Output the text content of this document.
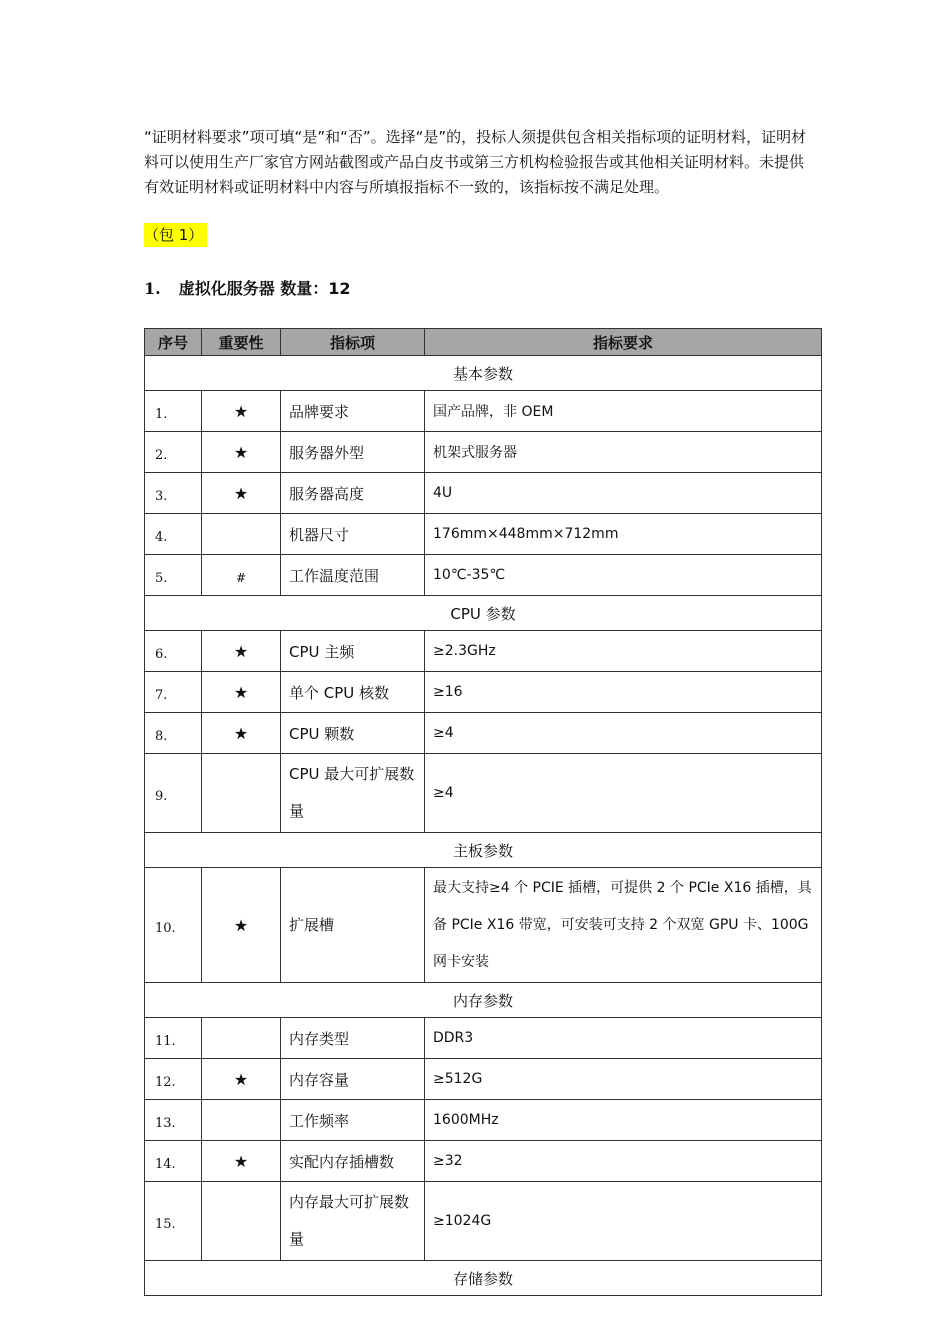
“证明材料要求”项可填“是”和“否”。选择“是”的，投标人须提供包含相关指标项的证明材料，证明材料可以使用生产厂家官方网站截图或产品白皮书或第三方机构检验报告或其他相关证明材料。未提供有效证明材料或证明材料中内容与所填报指标不一致的，该指标按不满足处理。

（包 1）
1. 虚拟化服务器 数量：12
序号	重要性	指标项	指标要求
基本参数			
1.	★	品牌要求	国产品牌，非 OEM
2.	★	服务器外型	机架式服务器
3.	★	服务器高度	4U
4.		机器尺寸	176mm×448mm×712mm
5.	#	工作温度范围	10℃-35℃
CPU 参数			
6.	★	CPU 主频	≥2.3GHz
7.	★	单个 CPU 核数	≥16
8.	★	CPU 颗数	≥4
9.		CPU 最大可扩展数量	≥4
主板参数			
10.	★	扩展槽	最大支持≥4 个 PCIE 插槽，可提供 2 个 PCIe X16 插槽，具备 PCIe X16 带宽，可安装可支持 2 个双宽 GPU 卡、100G 网卡安装
内存参数			
11.		内存类型	DDR3
12.	★	内存容量	≥512G
13.		工作频率	1600MHz
14.	★	实配内存插槽数	≥32
15.		内存最大可扩展数量	≥1024G
存储参数			
